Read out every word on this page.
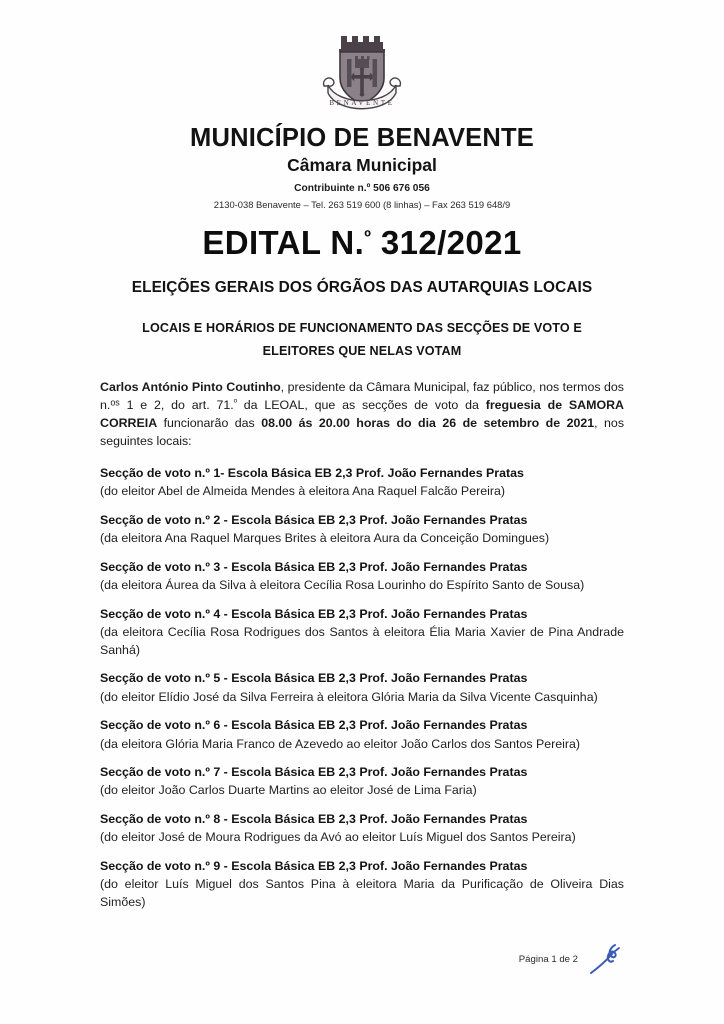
BENAVENTE
MUNICÍPIO DE BENAVENTE
Câmara Municipal
Contribuinte n.º 506 676 056
2130-038 Benavente – Tel. 263 519 600 (8 linhas) – Fax 263 519 648/9
EDITAL N.$^º$ 312/2021
ELEIÇÕES GERAIS DOS ÓRGÃOS DAS AUTARQUIAS LOCAIS
LOCAIS E HORÁRIOS DE FUNCIONAMENTO DAS SECÇÕES DE VOTO E ELEITORES QUE NELAS VOTAM

Carlos António Pinto Coutinho, presidente da Câmara Municipal, faz público, nos termos dos n.$^{os}$ 1 e 2, do art. 71.$^º$ da LEOAL, que as secções de voto da freguesia de SAMORA CORREIA funcionarão das 08.00 ás 20.00 horas do dia 26 de setembro de 2021, nos seguintes locais:

Secção de voto n.º 1- Escola Básica EB 2,3 Prof. João Fernandes Pratas
(do eleitor Abel de Almeida Mendes à eleitora Ana Raquel Falcão Pereira)
Secção de voto n.º 2 - Escola Básica EB 2,3 Prof. João Fernandes Pratas
(da eleitora Ana Raquel Marques Brites à eleitora Aura da Conceição Domingues)
Secção de voto n.º 3 - Escola Básica EB 2,3 Prof. João Fernandes Pratas
(da eleitora Áurea da Silva à eleitora Cecília Rosa Lourinho do Espírito Santo de Sousa)
Secção de voto n.º 4 - Escola Básica EB 2,3 Prof. João Fernandes Pratas
(da eleitora Cecília Rosa Rodrigues dos Santos à eleitora Élia Maria Xavier de Pina Andrade Sanhá)
Secção de voto n.º 5 - Escola Básica EB 2,3 Prof. João Fernandes Pratas
(do eleitor Elídio José da Silva Ferreira à eleitora Glória Maria da Silva Vicente Casquinha)
Secção de voto n.º 6 - Escola Básica EB 2,3 Prof. João Fernandes Pratas
(da eleitora Glória Maria Franco de Azevedo ao eleitor João Carlos dos Santos Pereira)
Secção de voto n.º 7 - Escola Básica EB 2,3 Prof. João Fernandes Pratas
(do eleitor João Carlos Duarte Martins ao eleitor José de Lima Faria)
Secção de voto n.º 8 - Escola Básica EB 2,3 Prof. João Fernandes Pratas
(do eleitor José de Moura Rodrigues da Avó ao eleitor Luís Miguel dos Santos Pereira)
Secção de voto n.º 9 - Escola Básica EB 2,3 Prof. João Fernandes Pratas
(do eleitor Luís Miguel dos Santos Pina à eleitora Maria da Purificação de Oliveira Dias Simões)
Página 1 de 2
